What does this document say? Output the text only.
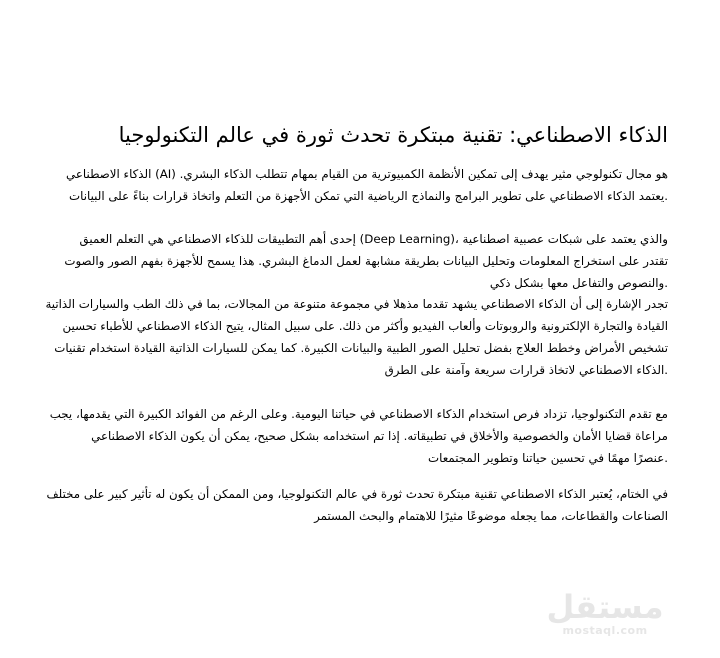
الذكاء الاصطناعي: تقنية مبتكرة تحدث ثورة في عالم التكنولوجيا

هو مجال تكنولوجي مثير يهدف إلى تمكين الأنظمة الكمبيوترية من القيام بمهام تتطلب الذكاء البشري. (AI) الذكاء الاصطناعي
.يعتمد الذكاء الاصطناعي على تطوير البرامج والنماذج الرياضية التي تمكن الأجهزة من التعلم واتخاذ قرارات بناءً على البيانات

والذي يعتمد على شبكات عصبية اصطناعية ،(Deep Learning) إحدى أهم التطبيقات للذكاء الاصطناعي هي التعلم العميق
تقتدر على استخراج المعلومات وتحليل البيانات بطريقة مشابهة لعمل الدماغ البشري. هذا يسمح للأجهزة بفهم الصور والصوت
.والنصوص والتفاعل معها بشكل ذكي

تجدر الإشارة إلى أن الذكاء الاصطناعي يشهد تقدما مذهلا في مجموعة متنوعة من المجالات، بما في ذلك الطب والسيارات الذاتية
القيادة والتجارة الإلكترونية والروبوتات وألعاب الفيديو وأكثر من ذلك. على سبيل المثال، يتيح الذكاء الاصطناعي للأطباء تحسين
تشخيص الأمراض وخطط العلاج بفضل تحليل الصور الطبية والبيانات الكبيرة. كما يمكن للسيارات الذاتية القيادة استخدام تقنيات
.الذكاء الاصطناعي لاتخاذ قرارات سريعة وآمنة على الطرق

مع تقدم التكنولوجيا، تزداد فرص استخدام الذكاء الاصطناعي في حياتنا اليومية. وعلى الرغم من الفوائد الكبيرة التي يقدمها، يجب
مراعاة قضايا الأمان والخصوصية والأخلاق في تطبيقاته. إذا تم استخدامه بشكل صحيح، يمكن أن يكون الذكاء الاصطناعي
.عنصرًا مهمًا في تحسين حياتنا وتطوير المجتمعات

في الختام، يُعتبر الذكاء الاصطناعي تقنية مبتكرة تحدث ثورة في عالم التكنولوجيا، ومن الممكن أن يكون له تأثير كبير على مختلف
الصناعات والقطاعات، مما يجعله موضوعًا مثيرًا للاهتمام والبحث المستمر

مستقل
mostaql.com
